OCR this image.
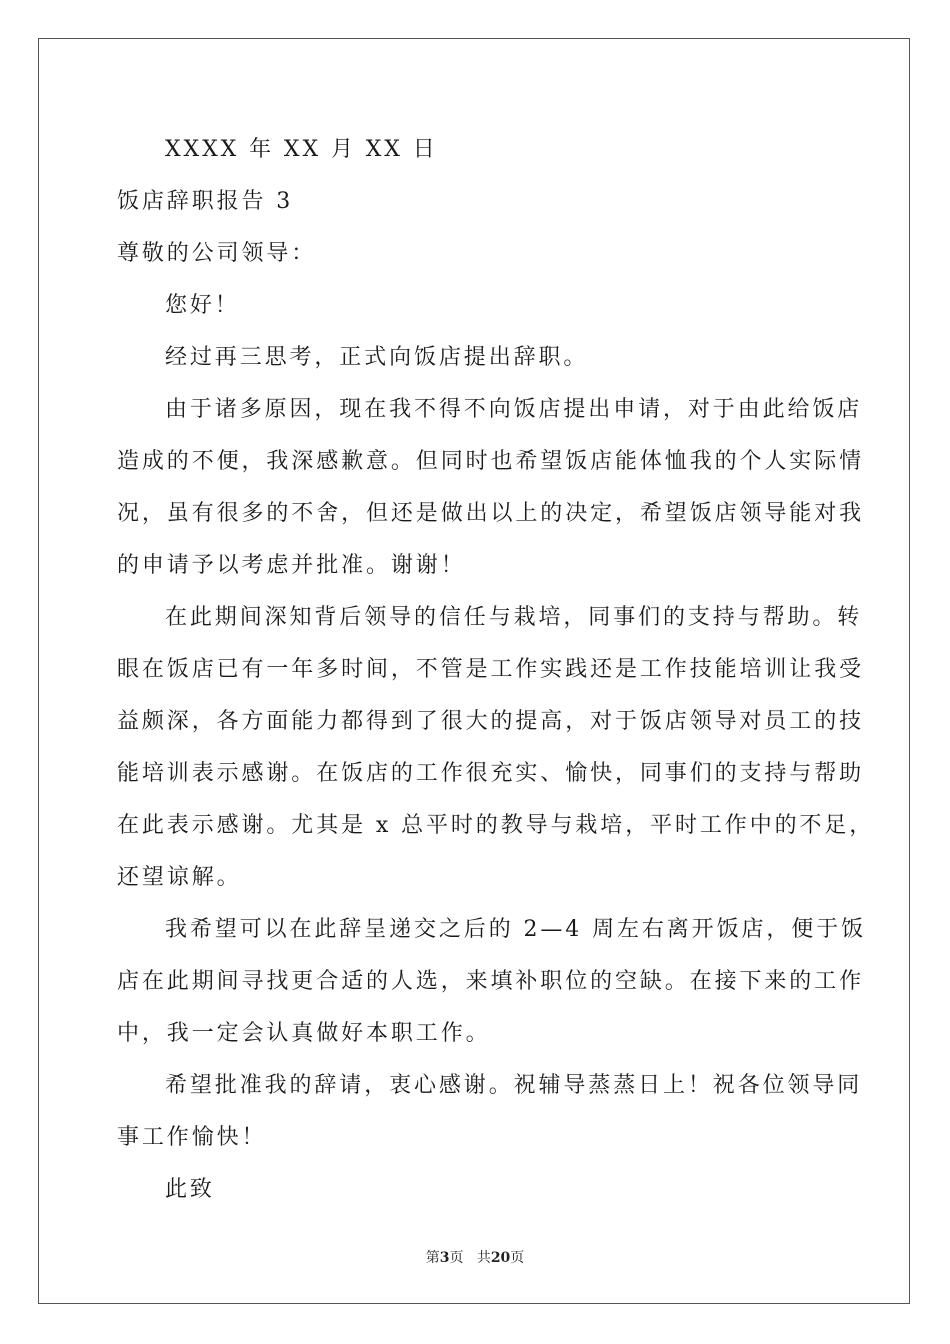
XXXX 年 XX 月 XX 日
饭店辞职报告 3
尊敬的公司领导：
您好！
经过再三思考，正式向饭店提出辞职。
由于诸多原因，现在我不得不向饭店提出申请，对于由此给饭店
造成的不便，我深感歉意。但同时也希望饭店能体恤我的个人实际情
况，虽有很多的不舍，但还是做出以上的决定，希望饭店领导能对我
的申请予以考虑并批准。谢谢！
在此期间深知背后领导的信任与栽培，同事们的支持与帮助。转
眼在饭店已有一年多时间，不管是工作实践还是工作技能培训让我受
益颇深，各方面能力都得到了很大的提高，对于饭店领导对员工的技
能培训表示感谢。在饭店的工作很充实、愉快，同事们的支持与帮助
在此表示感谢。尤其是 x 总平时的教导与栽培，平时工作中的不足，
还望谅解。
我希望可以在此辞呈递交之后的 2—4 周左右离开饭店，便于饭
店在此期间寻找更合适的人选，来填补职位的空缺。在接下来的工作
中，我一定会认真做好本职工作。
希望批准我的辞请，衷心感谢。祝辅导蒸蒸日上！祝各位领导同
事工作愉快！
此致
第3页 共20页
